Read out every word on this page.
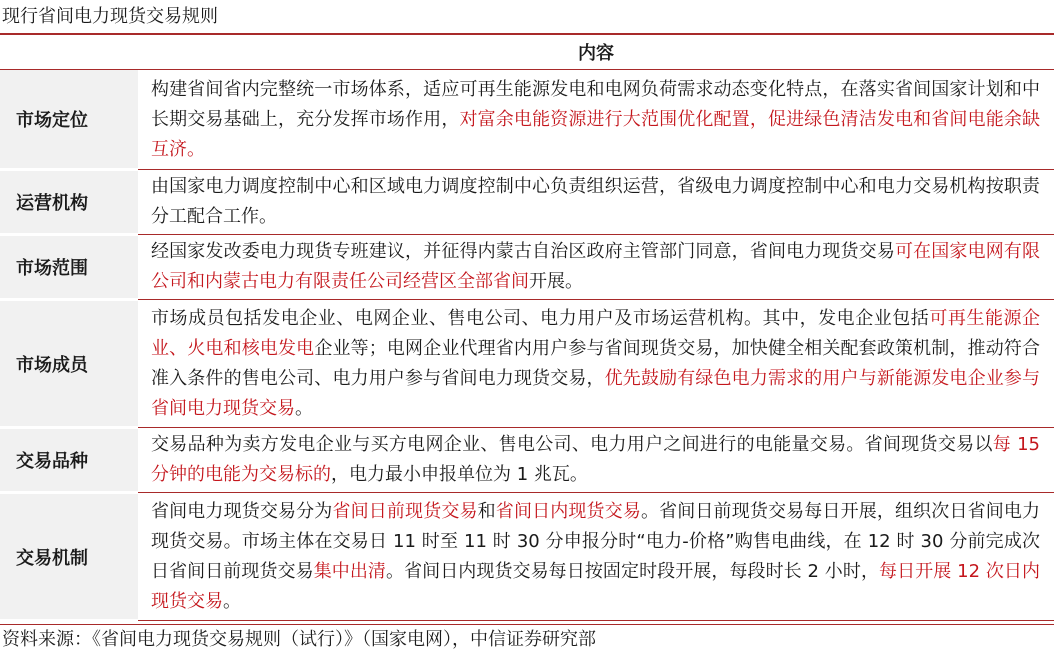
现行省间电力现货交易规则
	内容
市场定位	构建省间省内完整统一市场体系，适应可再生能源发电和电网负荷需求动态变化特点，在落实省间国家计划和中长期交易基础上，充分发挥市场作用，对富余电能资源进行大范围优化配置，促进绿色清洁发电和省间电能余缺互济。
运营机构	由国家电力调度控制中心和区域电力调度控制中心负责组织运营，省级电力调度控制中心和电力交易机构按职责分工配合工作。
市场范围	经国家发改委电力现货专班建议，并征得内蒙古自治区政府主管部门同意，省间电力现货交易可在国家电网有限公司和内蒙古电力有限责任公司经营区全部省间开展。
市场成员	市场成员包括发电企业、电网企业、售电公司、电力用户及市场运营机构。其中，发电企业包括可再生能源企业、火电和核电发电企业等；电网企业代理省内用户参与省间现货交易，加快健全相关配套政策机制，推动符合准入条件的售电公司、电力用户参与省间电力现货交易，优先鼓励有绿色电力需求的用户与新能源发电企业参与省间电力现货交易。
交易品种	交易品种为卖方发电企业与买方电网企业、售电公司、电力用户之间进行的电能量交易。省间现货交易以每 15 分钟的电能为交易标的，电力最小申报单位为 1 兆瓦。
交易机制	省间电力现货交易分为省间日前现货交易和省间日内现货交易。省间日前现货交易每日开展，组织次日省间电力现货交易。市场主体在交易日 11 时至 11 时 30 分申报分时“电力-价格”购售电曲线，在 12 时 30 分前完成次日省间日前现货交易集中出清。省间日内现货交易每日按固定时段开展，每段时长 2 小时，每日开展 12 次日内现货交易。
资料来源：《省间电力现货交易规则（试行）》（国家电网），中信证券研究部
